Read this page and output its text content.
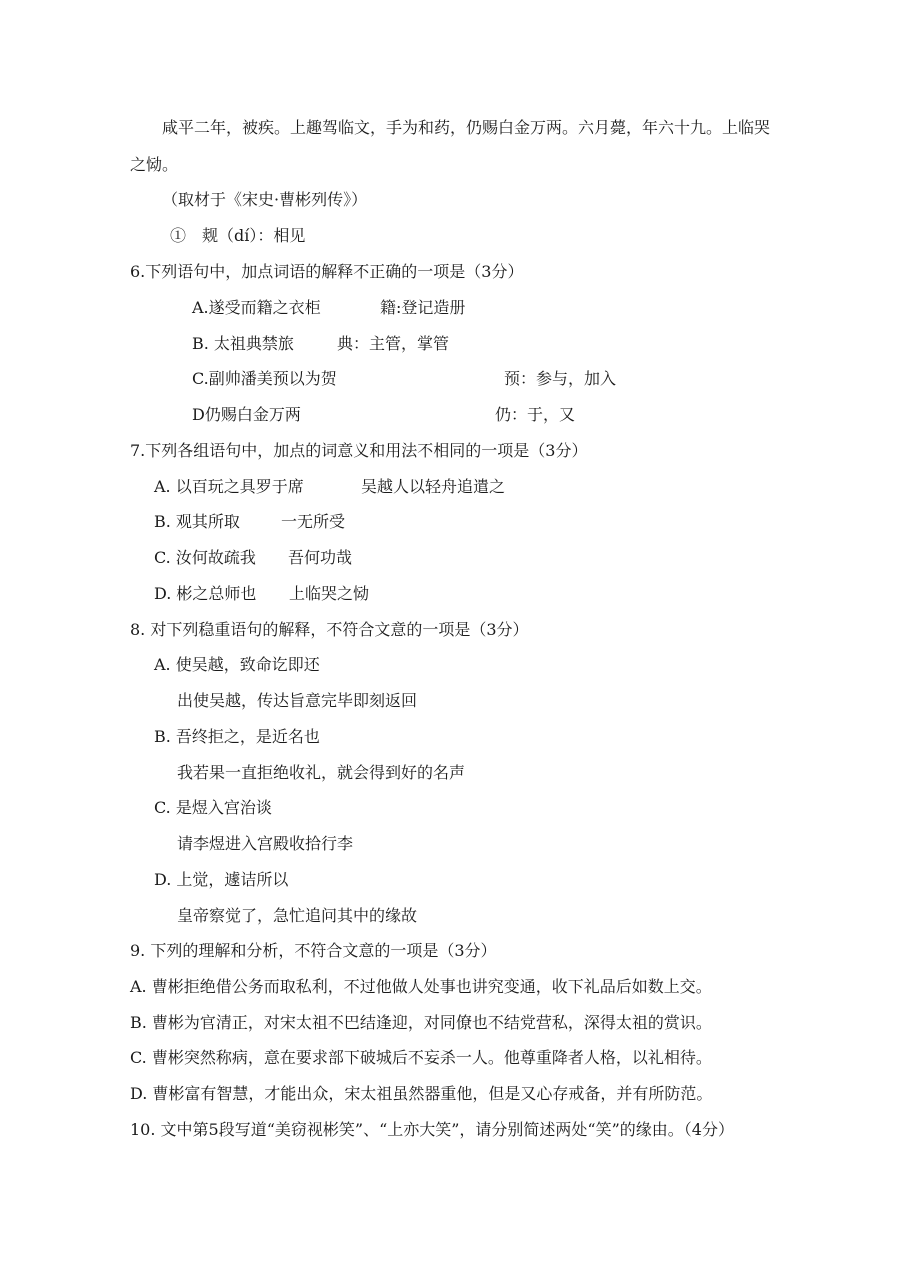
咸平二年，被疾。上趣驾临文，手为和药，仍赐白金万两。六月薨，年六十九。上临哭
之恸。
（取材于《宋史·曹彬列传》）
①　觌（dí）：相见
6.下列语句中，加点词语的解释不正确的一项是（3分）
A.遂受而籍之衣柜	籍:登记造册
B. 太祖典禁旅	典：主管，掌管
C.副帅潘美预以为贺	预：参与，加入
D仍赐白金万两	仍：于，又
7.下列各组语句中，加点的词意义和用法不相同的一项是（3分）
A. 以百玩之具罗于席	吴越人以轻舟追遣之
B. 观其所取	一无所受
C. 汝何故疏我 吾何功哉
D. 彬之总师也 上临哭之恸
8. 对下列稳重语句的解释，不符合文意的一项是（3分）
A. 使吴越，致命讫即还
出使吴越，传达旨意完毕即刻返回
B. 吾终拒之，是近名也
我若果一直拒绝收礼，就会得到好的名声
C. 是煜入宫治谈
请李煜进入宫殿收拾行李
D. 上觉，遽诘所以
皇帝察觉了，急忙追问其中的缘故
9. 下列的理解和分析，不符合文意的一项是（3分）
A. 曹彬拒绝借公务而取私利，不过他做人处事也讲究变通，收下礼品后如数上交。
B. 曹彬为官清正，对宋太祖不巴结逢迎，对同僚也不结党营私，深得太祖的赏识。
C. 曹彬突然称病，意在要求部下破城后不妄杀一人。他尊重降者人格，以礼相待。
D. 曹彬富有智慧，才能出众，宋太祖虽然器重他，但是又心存戒备，并有所防范。
10. 文中第5段写道“美窃视彬笑”、“上亦大笑”，请分别简述两处“笑”的缘由。（4分）
